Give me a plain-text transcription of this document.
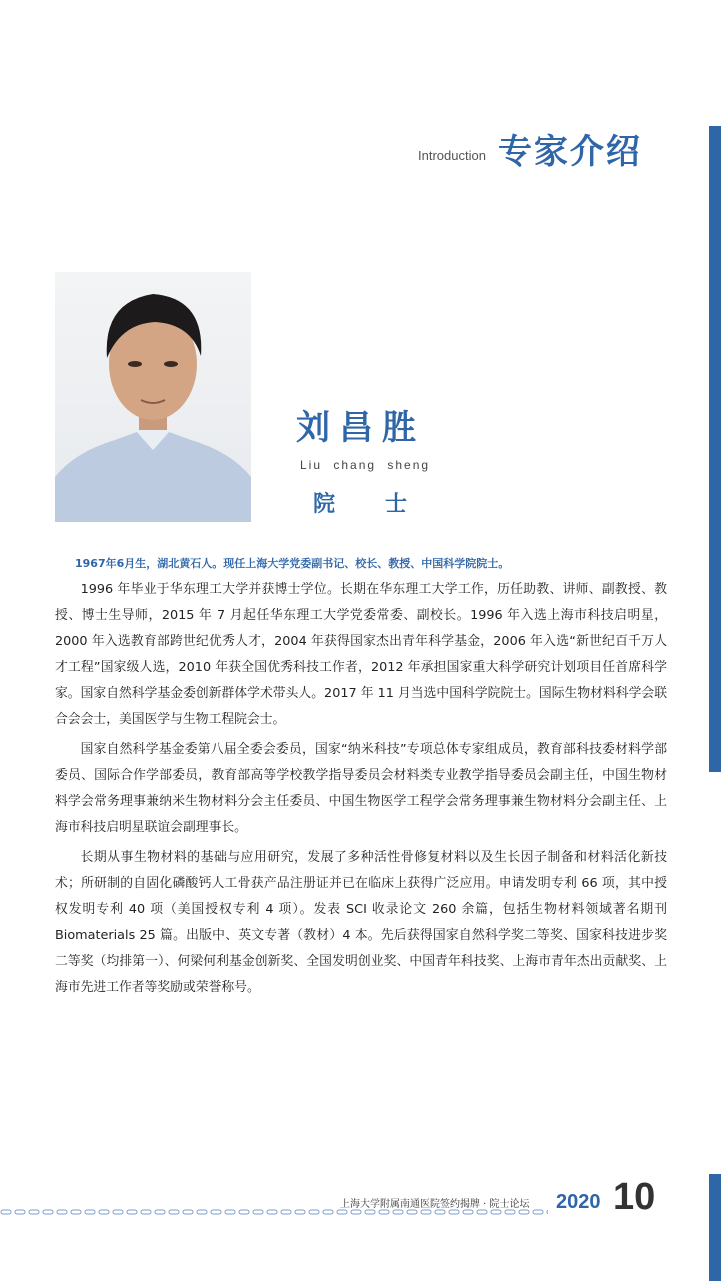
Introduction 专家介绍
刘昌胜
Liu chang sheng
院士
1967年6月生，湖北黄石人。现任上海大学党委副书记、校长、教授、中国科学院院士。

1996 年毕业于华东理工大学并获博士学位。长期在华东理工大学工作，历任助教、讲师、副教授、教授、博士生导师，2015 年 7 月起任华东理工大学党委常委、副校长。1996 年入选上海市科技启明星，2000 年入选教育部跨世纪优秀人才，2004 年获得国家杰出青年科学基金，2006 年入选“新世纪百千万人才工程”国家级人选，2010 年获全国优秀科技工作者，2012 年承担国家重大科学研究计划项目任首席科学家。国家自然科学基金委创新群体学术带头人。2017 年 11 月当选中国科学院院士。国际生物材料科学会联合会会士，美国医学与生物工程院会士。

国家自然科学基金委第八届全委会委员，国家“纳米科技”专项总体专家组成员，教育部科技委材料学部委员、国际合作学部委员，教育部高等学校教学指导委员会材料类专业教学指导委员会副主任，中国生物材料学会常务理事兼纳米生物材料分会主任委员、中国生物医学工程学会常务理事兼生物材料分会副主任、上海市科技启明星联谊会副理事长。

长期从事生物材料的基础与应用研究，发展了多种活性骨修复材料以及生长因子制备和材料活化新技术；所研制的自固化磷酸钙人工骨获产品注册证并已在临床上获得广泛应用。申请发明专利 66 项，其中授权发明专利 40 项（美国授权专利 4 项）。发表 SCI 收录论文 260 余篇，包括生物材料领域著名期刊 Biomaterials 25 篇。出版中、英文专著（教材）4 本。先后获得国家自然科学奖二等奖、国家科技进步奖二等奖（均排第一）、何梁何利基金创新奖、全国发明创业奖、中国青年科技奖、上海市青年杰出贡献奖、上海市先进工作者等奖励或荣誉称号。

上海大学附属南通医院签约揭牌 · 院士论坛 2020 10
